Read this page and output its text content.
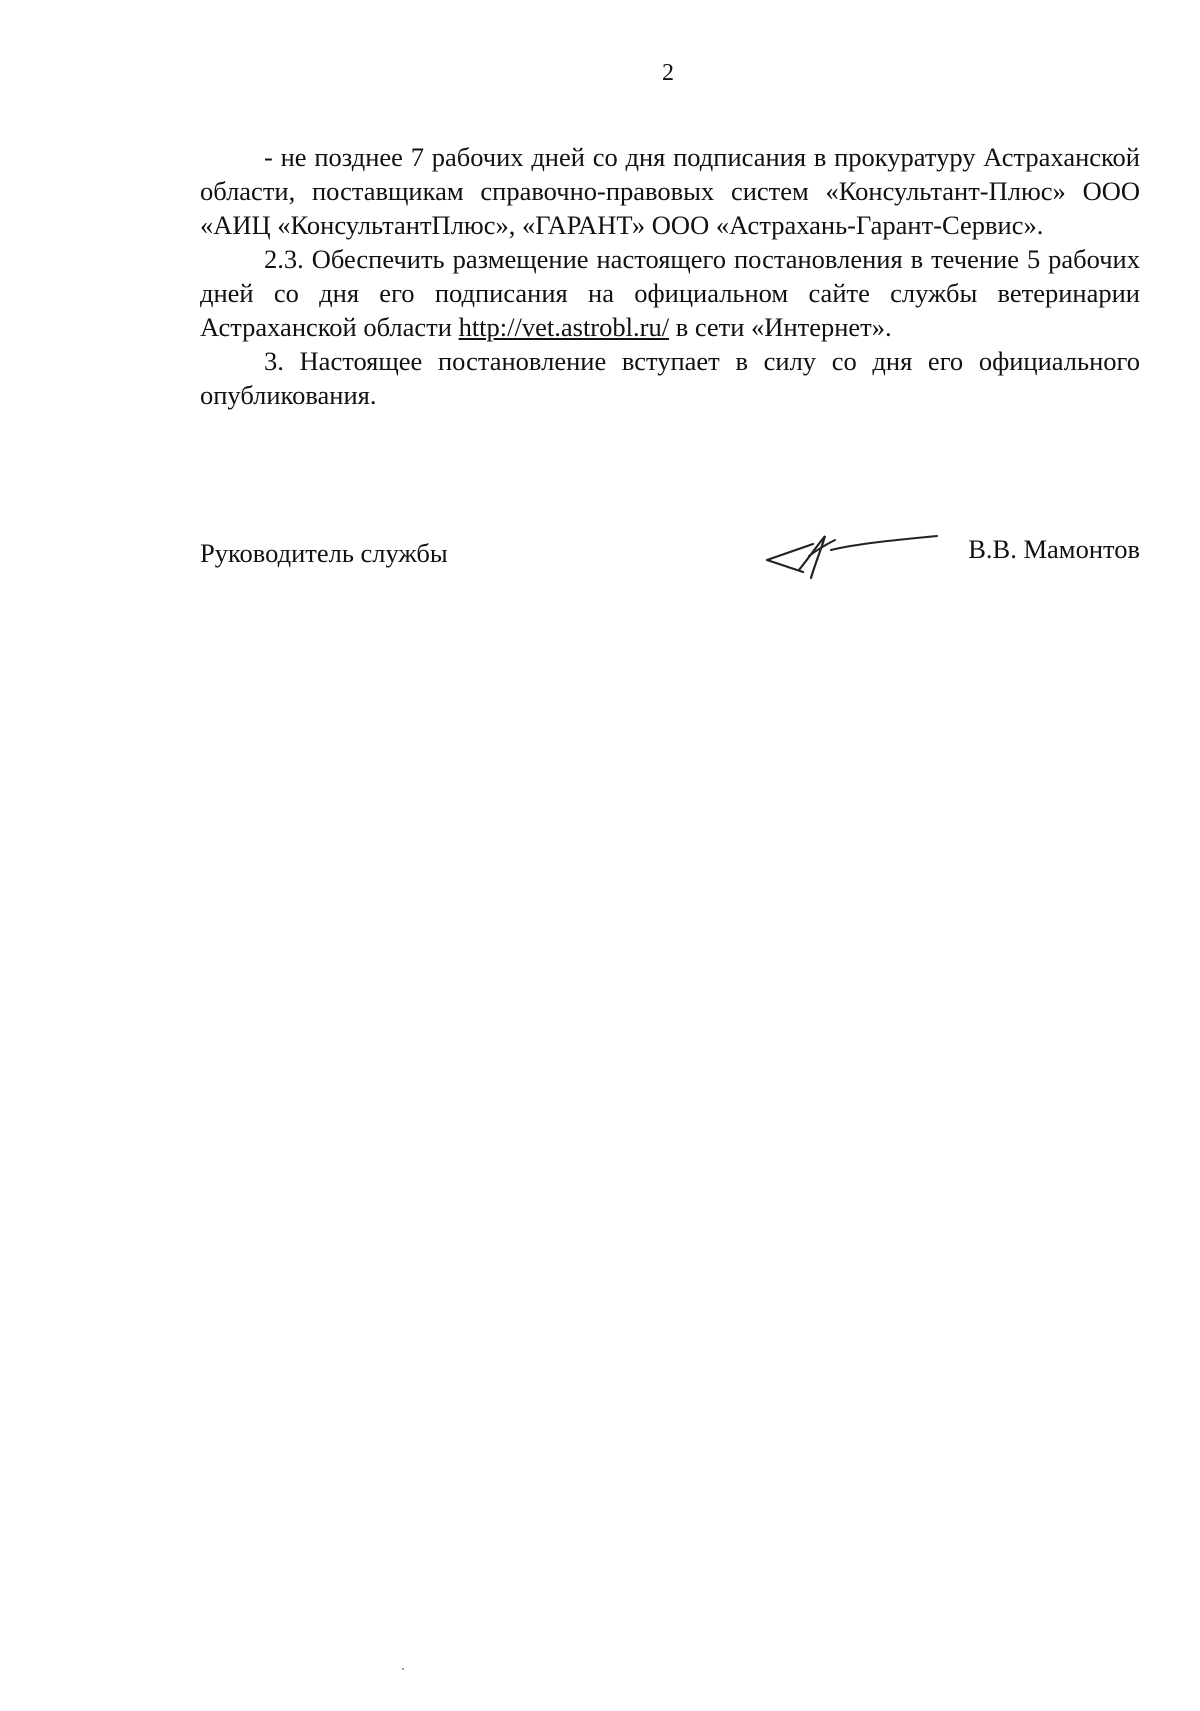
2

- не позднее 7 рабочих дней со дня подписания в прокуратуру Астраханской области, поставщикам справочно-правовых систем «Консультант-Плюс» ООО «АИЦ «КонсультантПлюс», «ГАРАНТ» ООО «Астрахань-Гарант-Сервис».

2.3. Обеспечить размещение настоящего постановления в течение 5 рабочих дней со дня его подписания на официальном сайте службы ветеринарии Астраханской области http://vet.astrobl.ru/ в сети «Интернет».

3. Настоящее постановление вступает в силу со дня его официального опубликования.

Руководитель службы	В.В. Мамонтов
